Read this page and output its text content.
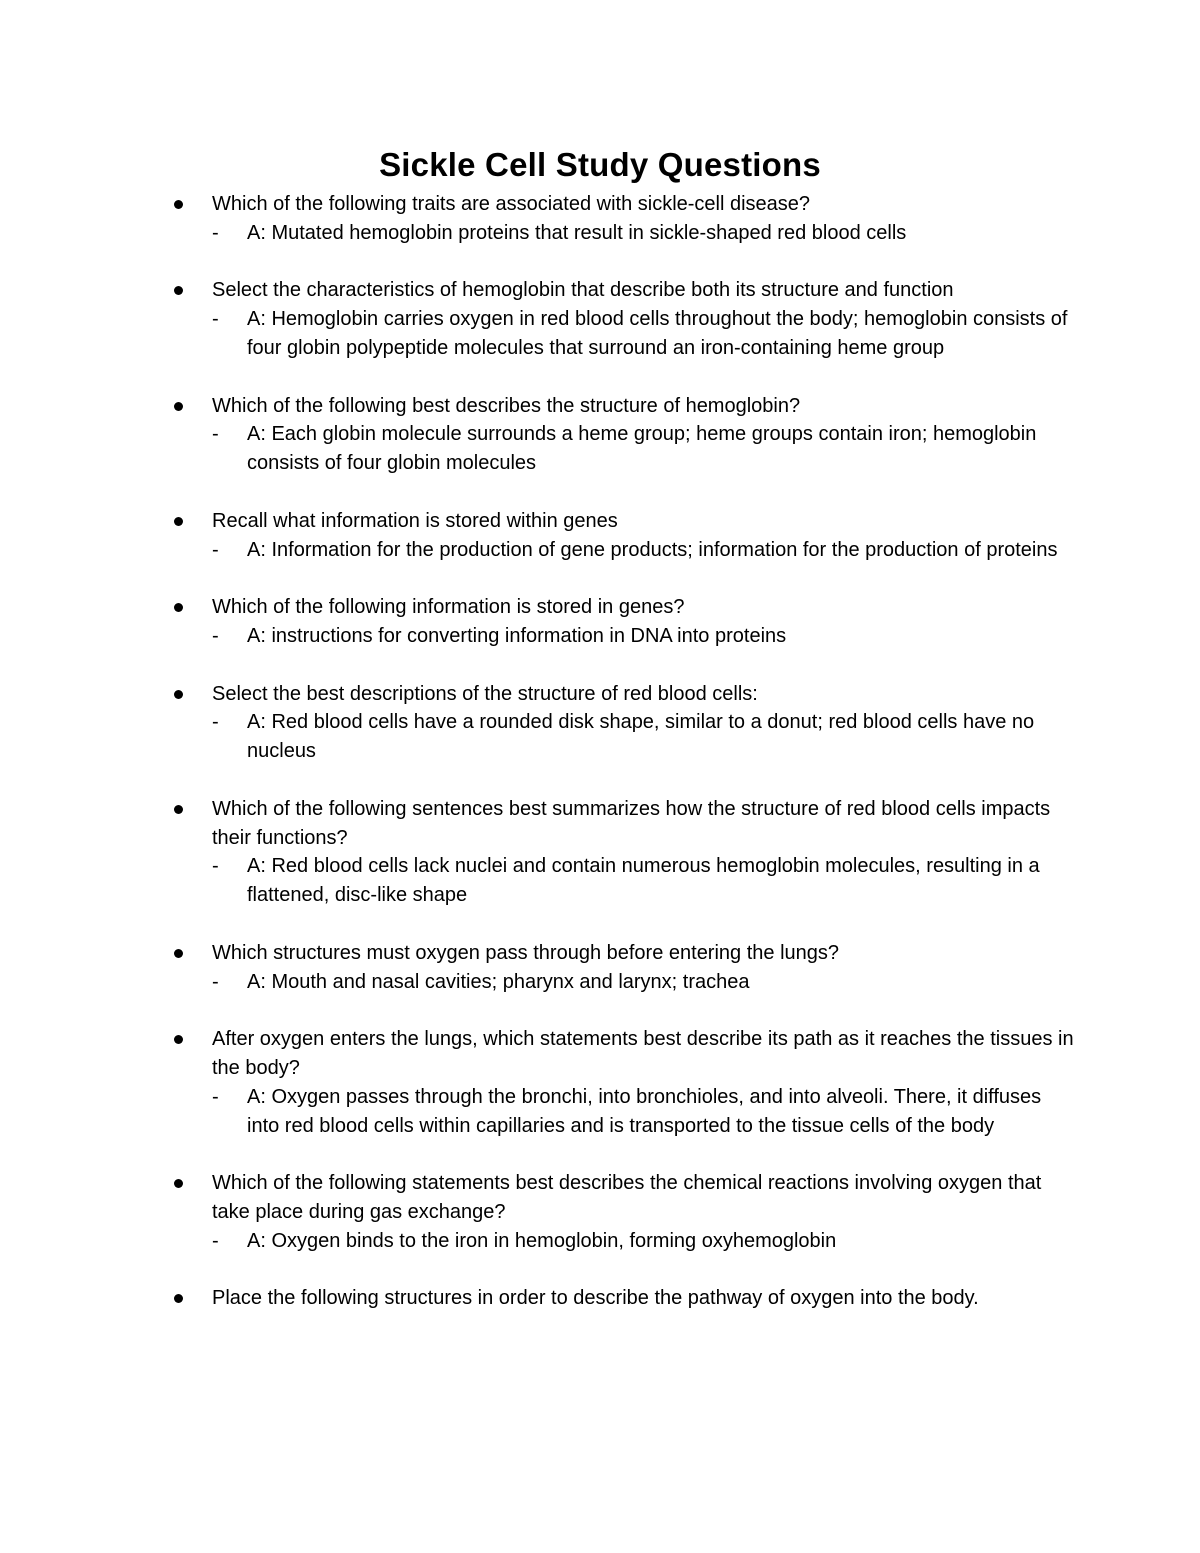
Sickle Cell Study Questions

Which of the following traits are associated with sickle-cell disease?

- A: Mutated hemoglobin proteins that result in sickle-shaped red blood cells

Select the characteristics of hemoglobin that describe both its structure and function

- A: Hemoglobin carries oxygen in red blood cells throughout the body; hemoglobin consists of four globin polypeptide molecules that surround an iron-containing heme group

Which of the following best describes the structure of hemoglobin?

- A: Each globin molecule surrounds a heme group; heme groups contain iron; hemoglobin consists of four globin molecules

Recall what information is stored within genes

- A: Information for the production of gene products; information for the production of proteins

Which of the following information is stored in genes?

- A: instructions for converting information in DNA into proteins

Select the best descriptions of the structure of red blood cells:

- A: Red blood cells have a rounded disk shape, similar to a donut; red blood cells have no nucleus

Which of the following sentences best summarizes how the structure of red blood cells impacts their functions?

- A: Red blood cells lack nuclei and contain numerous hemoglobin molecules, resulting in a flattened, disc-like shape

Which structures must oxygen pass through before entering the lungs?

- A: Mouth and nasal cavities; pharynx and larynx; trachea

After oxygen enters the lungs, which statements best describe its path as it reaches the tissues in the body?

- A: Oxygen passes through the bronchi, into bronchioles, and into alveoli. There, it diffuses into red blood cells within capillaries and is transported to the tissue cells of the body

Which of the following statements best describes the chemical reactions involving oxygen that take place during gas exchange?

- A: Oxygen binds to the iron in hemoglobin, forming oxyhemoglobin

Place the following structures in order to describe the pathway of oxygen into the body.
